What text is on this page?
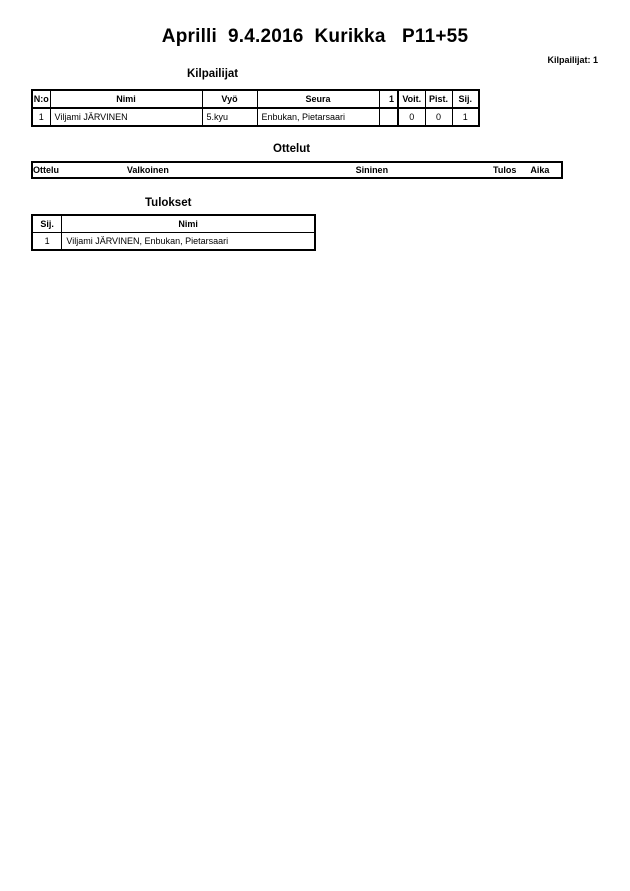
Aprilli  9.4.2016  Kurikka   P11+55
Kilpailijat: 1
Kilpailijat
N:o	Nimi	Vyö	Seura	1	Voit.	Pist.	Sij.
1	Viljami JÄRVINEN	5.kyu	Enbukan, Pietarsaari		0	0	1
Ottelut
Ottelu	Valkoinen	Sininen	Tulos	Aika
Tulokset
Sij.	Nimi
1	Viljami JÄRVINEN, Enbukan, Pietarsaari
